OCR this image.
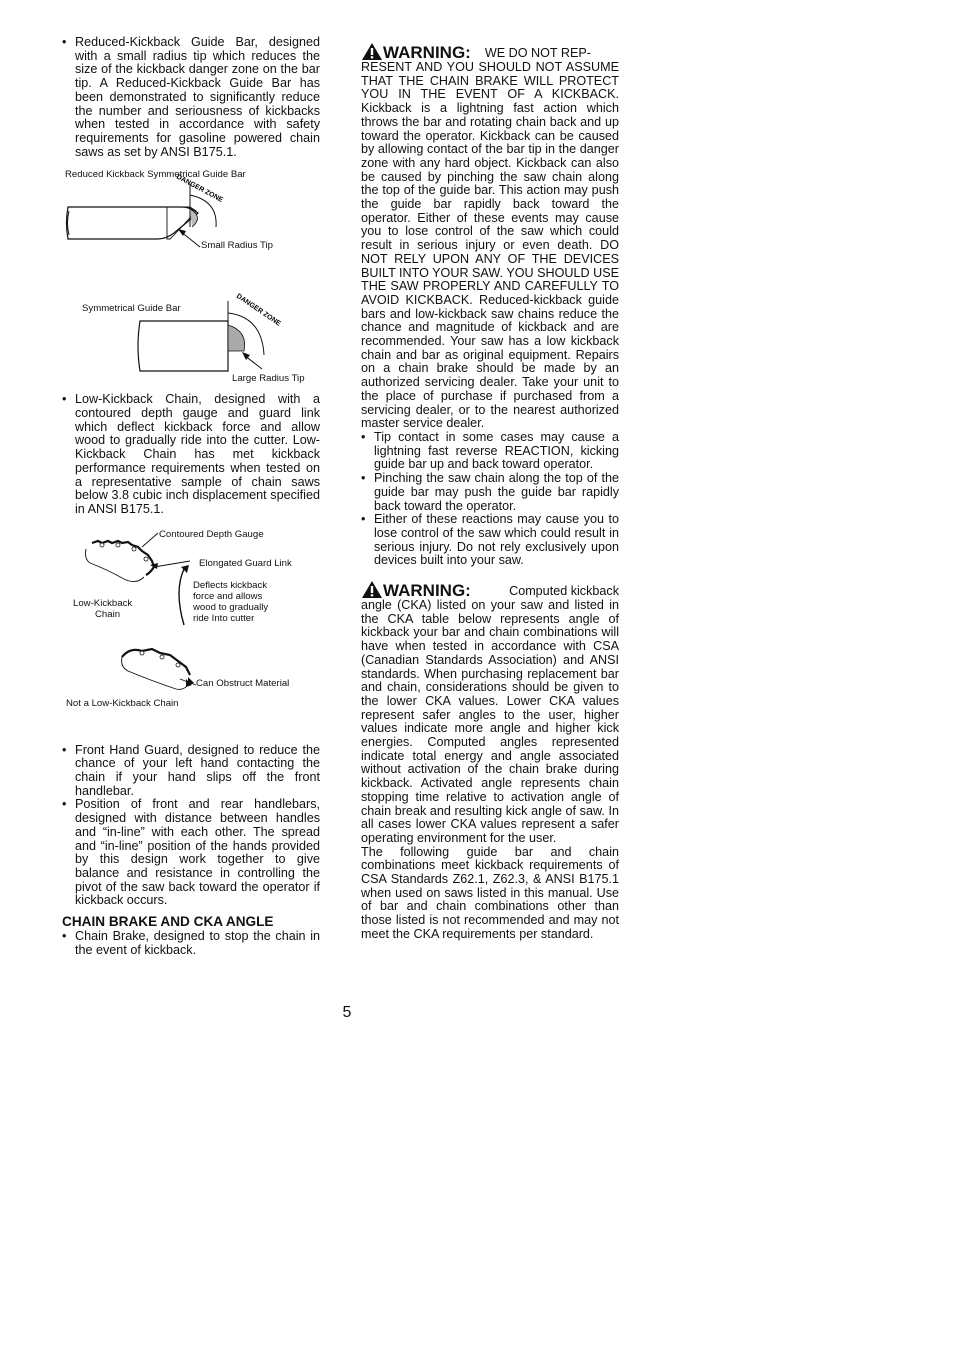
• Reduced-Kickback Guide Bar, designed with a small radius tip which reduces the size of the kickback danger zone on the bar tip. A Reduced-Kickback Guide Bar has been demonstrated to significantly reduce the number and seriousness of kickbacks when tested in accordance with safety requirements for gasoline powered chain saws as set by ANSI B175.1.
Reduced Kickback Symmetrical Guide Bar
DANGER ZONE
Small Radius Tip
Symmetrical Guide Bar	DANGER ZONE
Large Radius Tip
• Low-Kickback Chain, designed with a contoured depth gauge and guard link which deflect kickback force and allow wood to gradually ride into the cutter. Low-Kickback Chain has met kickback performance requirements when tested on a representative sample of chain saws below 3.8 cubic inch displacement specified in ANSI B175.1.
Contoured Depth Gauge
Elongated Guard Link
Deflects kickback force and allows wood to gradually ride Into cutter
Low-Kickback
Chain
Can Obstruct Material
Not a Low-Kickback Chain
• Front Hand Guard, designed to reduce the chance of your left hand contacting the chain if your hand slips off the front handlebar.
• Position of front and rear handlebars, designed with distance between handles and “in-line” with each other. The spread and “in-line” position of the hands provided by this design work together to give balance and resistance in controlling the pivot of the saw back toward the operator if kickback occurs.
CHAIN BRAKE AND CKA ANGLE
• Chain Brake, designed to stop the chain in the event of kickback.
WARNING: WE DO NOT REP-

RESENT AND YOU SHOULD NOT ASSUME THAT THE CHAIN BRAKE WILL PROTECT YOU IN THE EVENT OF A KICKBACK. Kickback is a lightning fast action which throws the bar and rotating chain back and up toward the operator. Kickback can be caused by allowing contact of the bar tip in the danger zone with any hard object. Kickback can also be caused by pinching the saw chain along the top of the guide bar. This action may push the guide bar rapidly back toward the operator. Either of these events may cause you to lose control of the saw which could result in serious injury or even death. DO NOT RELY UPON ANY OF THE DEVICES BUILT INTO YOUR SAW. YOU SHOULD USE THE SAW PROPERLY AND CAREFULLY TO AVOID KICKBACK. Reduced-kickback guide bars and low-kickback saw chains reduce the chance and magnitude of kickback and are recommended. Your saw has a low kickback chain and bar as original equipment. Repairs on a chain brake should be made by an authorized servicing dealer. Take your unit to the place of purchase if purchased from a servicing dealer, or to the nearest authorized master service dealer.

• Tip contact in some cases may cause a lightning fast reverse REACTION, kicking guide bar up and back toward operator.
• Pinching the saw chain along the top of the guide bar may push the guide bar rapidly back toward the operator.
• Either of these reactions may cause you to lose control of the saw which could result in serious injury. Do not rely exclusively upon devices built into your saw.
WARNING:	Computed kickback

angle (CKA) listed on your saw and listed in the CKA table below represents angle of kickback your bar and chain combinations will have when tested in accordance with CSA (Canadian Standards Association) and ANSI standards. When purchasing replacement bar and chain, considerations should be given to the lower CKA values. Lower CKA values represent safer angles to the user, higher values indicate more angle and higher kick energies. Computed angles represented indicate total energy and angle associated without activation of the chain brake during kickback. Activated angle represents chain stopping time relative to activation angle of chain break and resulting kick angle of saw. In all cases lower CKA values represent a safer operating environment for the user.

The following guide bar and chain combinations meet kickback requirements of CSA Standards Z62.1, Z62.3, & ANSI B175.1 when used on saws listed in this manual. Use of bar and chain combinations other than those listed is not recommended and may not meet the CKA requirements per standard.

5
